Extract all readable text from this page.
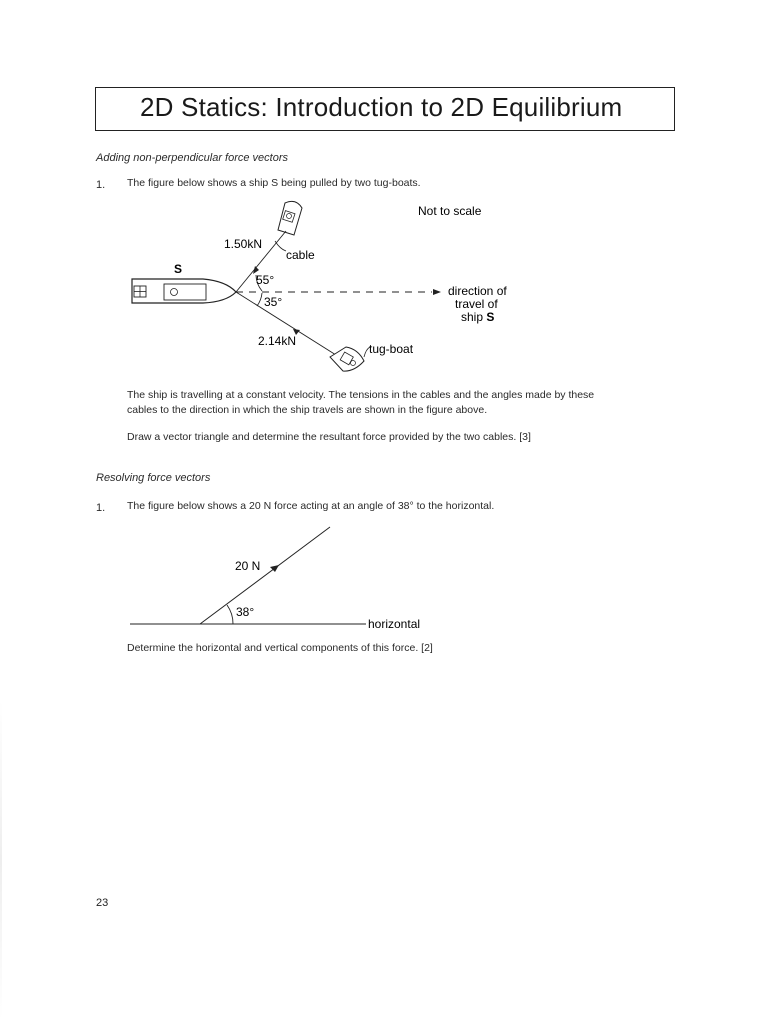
2D Statics: Introduction to 2D Equilibrium
Adding non-perpendicular force vectors
1. The figure below shows a ship S being pulled by two tug-boats.
Not to scale
S
1.50kN
cable
55°
35°
direction of
travel of
ship S
2.14kN
tug-boat
The ship is travelling at a constant velocity. The tensions in the cables and the angles made by these
cables to the direction in which the ship travels are shown in the figure above.
Draw a vector triangle and determine the resultant force provided by the two cables. [3]
Resolving force vectors
1. The figure below shows a 20 N force acting at an angle of 38° to the horizontal.
20 N
38°
horizontal
Determine the horizontal and vertical components of this force. [2]
23
